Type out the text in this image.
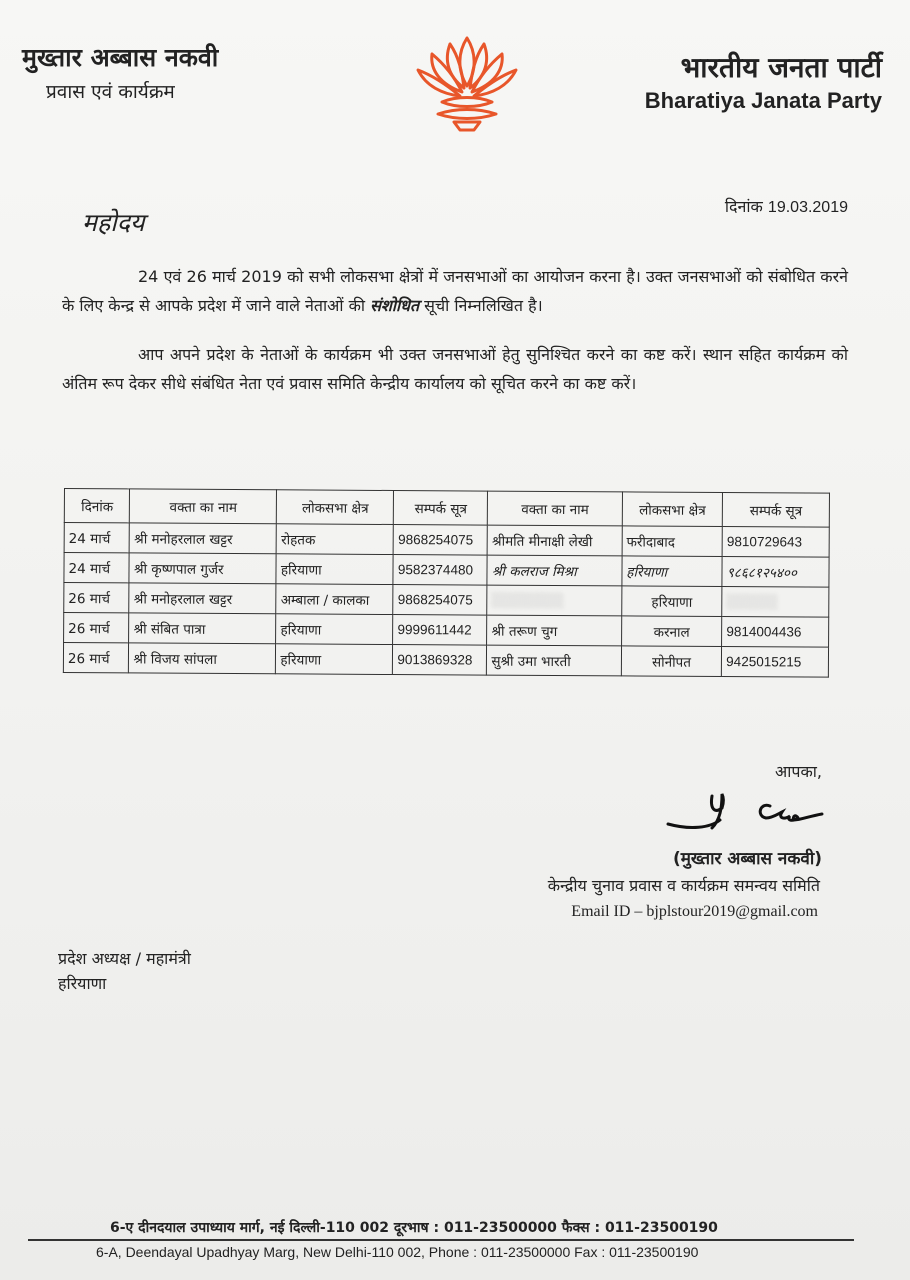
मुख्तार अब्बास नकवी
प्रवास एवं कार्यक्रम
भारतीय जनता पार्टी
Bharatiya Janata Party
दिनांक 19.03.2019
महोदय
24 एवं 26 मार्च 2019 को सभी लोकसभा क्षेत्रों में जनसभाओं का आयोजन करना है। उक्त जनसभाओं को संबोधित करने के लिए केन्द्र से आपके प्रदेश में जाने वाले नेताओं की संशोधित सूची निम्नलिखित है।
आप अपने प्रदेश के नेताओं के कार्यक्रम भी उक्त जनसभाओं हेतु सुनिश्चित करने का कष्ट करें। स्थान सहित कार्यक्रम को अंतिम रूप देकर सीधे संबंधित नेता एवं प्रवास समिति केन्द्रीय कार्यालय को सूचित करने का कष्ट करें।
दिनांक	वक्ता का नाम	लोकसभा क्षेत्र	सम्पर्क सूत्र	वक्ता का नाम	लोकसभा क्षेत्र	सम्पर्क सूत्र
24 मार्च	श्री मनोहरलाल खट्टर	रोहतक	9868254075	श्रीमति मीनाक्षी लेखी	फरीदाबाद	9810729643
24 मार्च	श्री कृष्णपाल गुर्जर	हरियाणा	9582374480	श्री कलराज मिश्रा	हरियाणा	९८६८१२५४००
26 मार्च	श्री मनोहरलाल खट्टर	अम्बाला / कालका	9868254075	░░░░░░░	हरियाणा	░░░░░
26 मार्च	श्री संबित पात्रा	हरियाणा	9999611442	श्री तरूण चुग	करनाल	9814004436
26 मार्च	श्री विजय सांपला	हरियाणा	9013869328	सुश्री उमा भारती	सोनीपत	9425015215
आपका,
(मुख्तार अब्बास नकवी)
केन्द्रीय चुनाव प्रवास व कार्यक्रम समन्वय समिति
Email ID – bjplstour2019@gmail.com
प्रदेश अध्यक्ष / महामंत्री
हरियाणा
6-ए दीनदयाल उपाध्याय मार्ग, नई दिल्ली-110 002 दूरभाष : 011-23500000 फैक्स : 011-23500190
6-A, Deendayal Upadhyay Marg, New Delhi-110 002, Phone : 011-23500000 Fax : 011-23500190
